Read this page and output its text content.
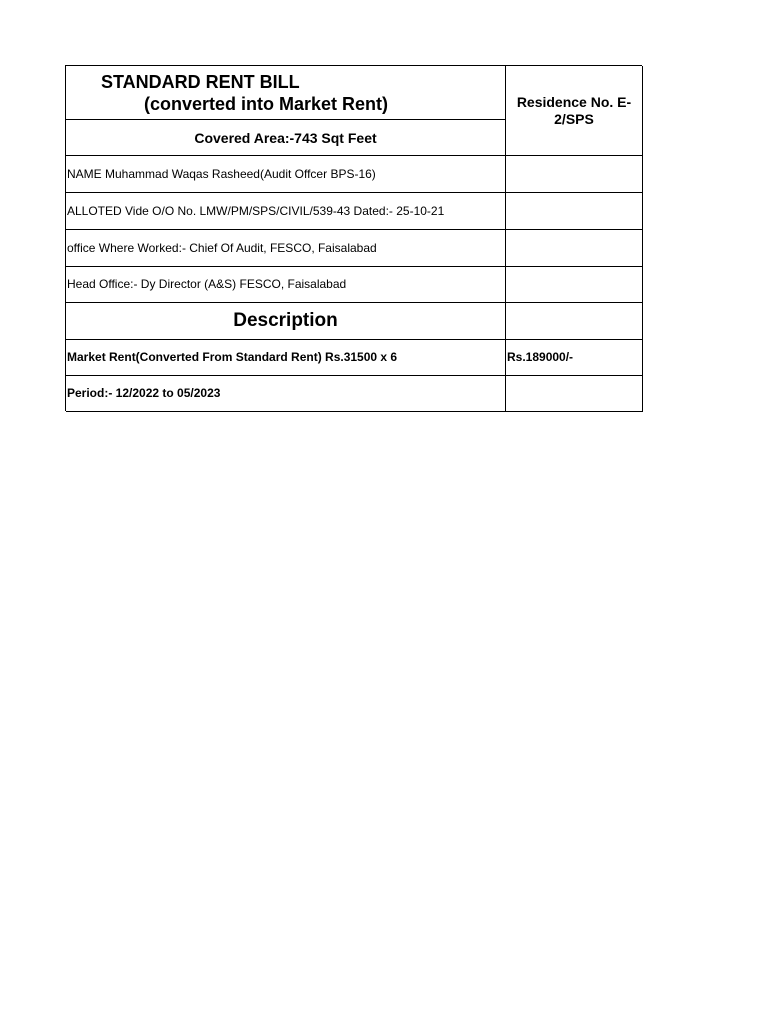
STANDARD RENT BILL
(converted into Market Rent)	Residence No. E-2/SPS
Covered Area:-743 Sqt Feet
NAME Muhammad Waqas Rasheed(Audit Offcer BPS-16)
ALLOTED Vide O/O No. LMW/PM/SPS/CIVIL/539-43 Dated:- 25-10-21
office Where Worked:- Chief Of Audit, FESCO, Faisalabad
Head Office:- Dy Director (A&S) FESCO, Faisalabad
Description
Market Rent(Converted From Standard Rent) Rs.31500 x 6	Rs.189000/-
Period:- 12/2022 to 05/2023
